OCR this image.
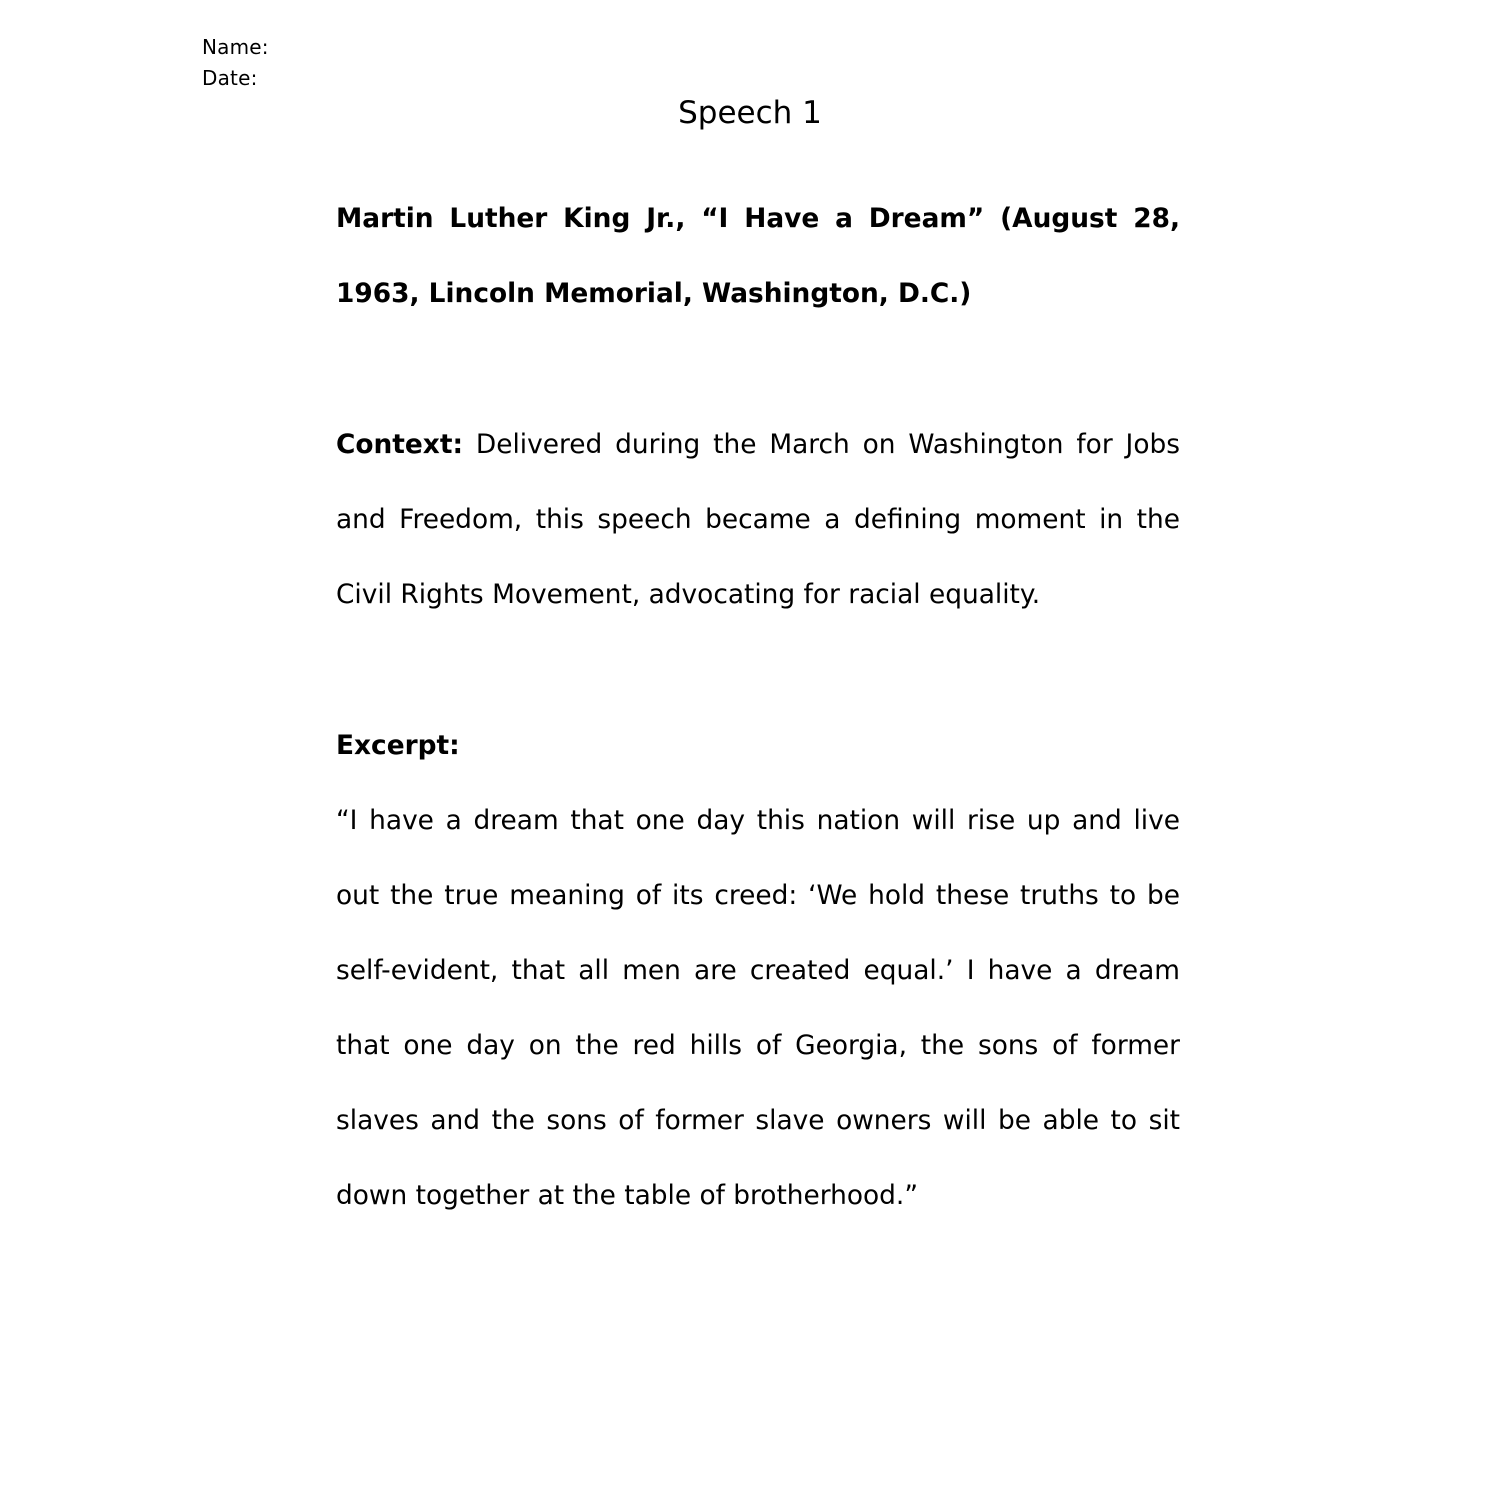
Name:
Date:
Speech 1
Martin Luther King Jr., “I Have a Dream” (August 28, 1963, Lincoln Memorial, Washington, D.C.)
Context: Delivered during the March on Washington for Jobs and Freedom, this speech became a defining moment in the Civil Rights Movement, advocating for racial equality.
Excerpt:
“I have a dream that one day this nation will rise up and live out the true meaning of its creed: ‘We hold these truths to be self-evident, that all men are created equal.’ I have a dream that one day on the red hills of Georgia, the sons of former slaves and the sons of former slave owners will be able to sit down together at the table of brotherhood.”
